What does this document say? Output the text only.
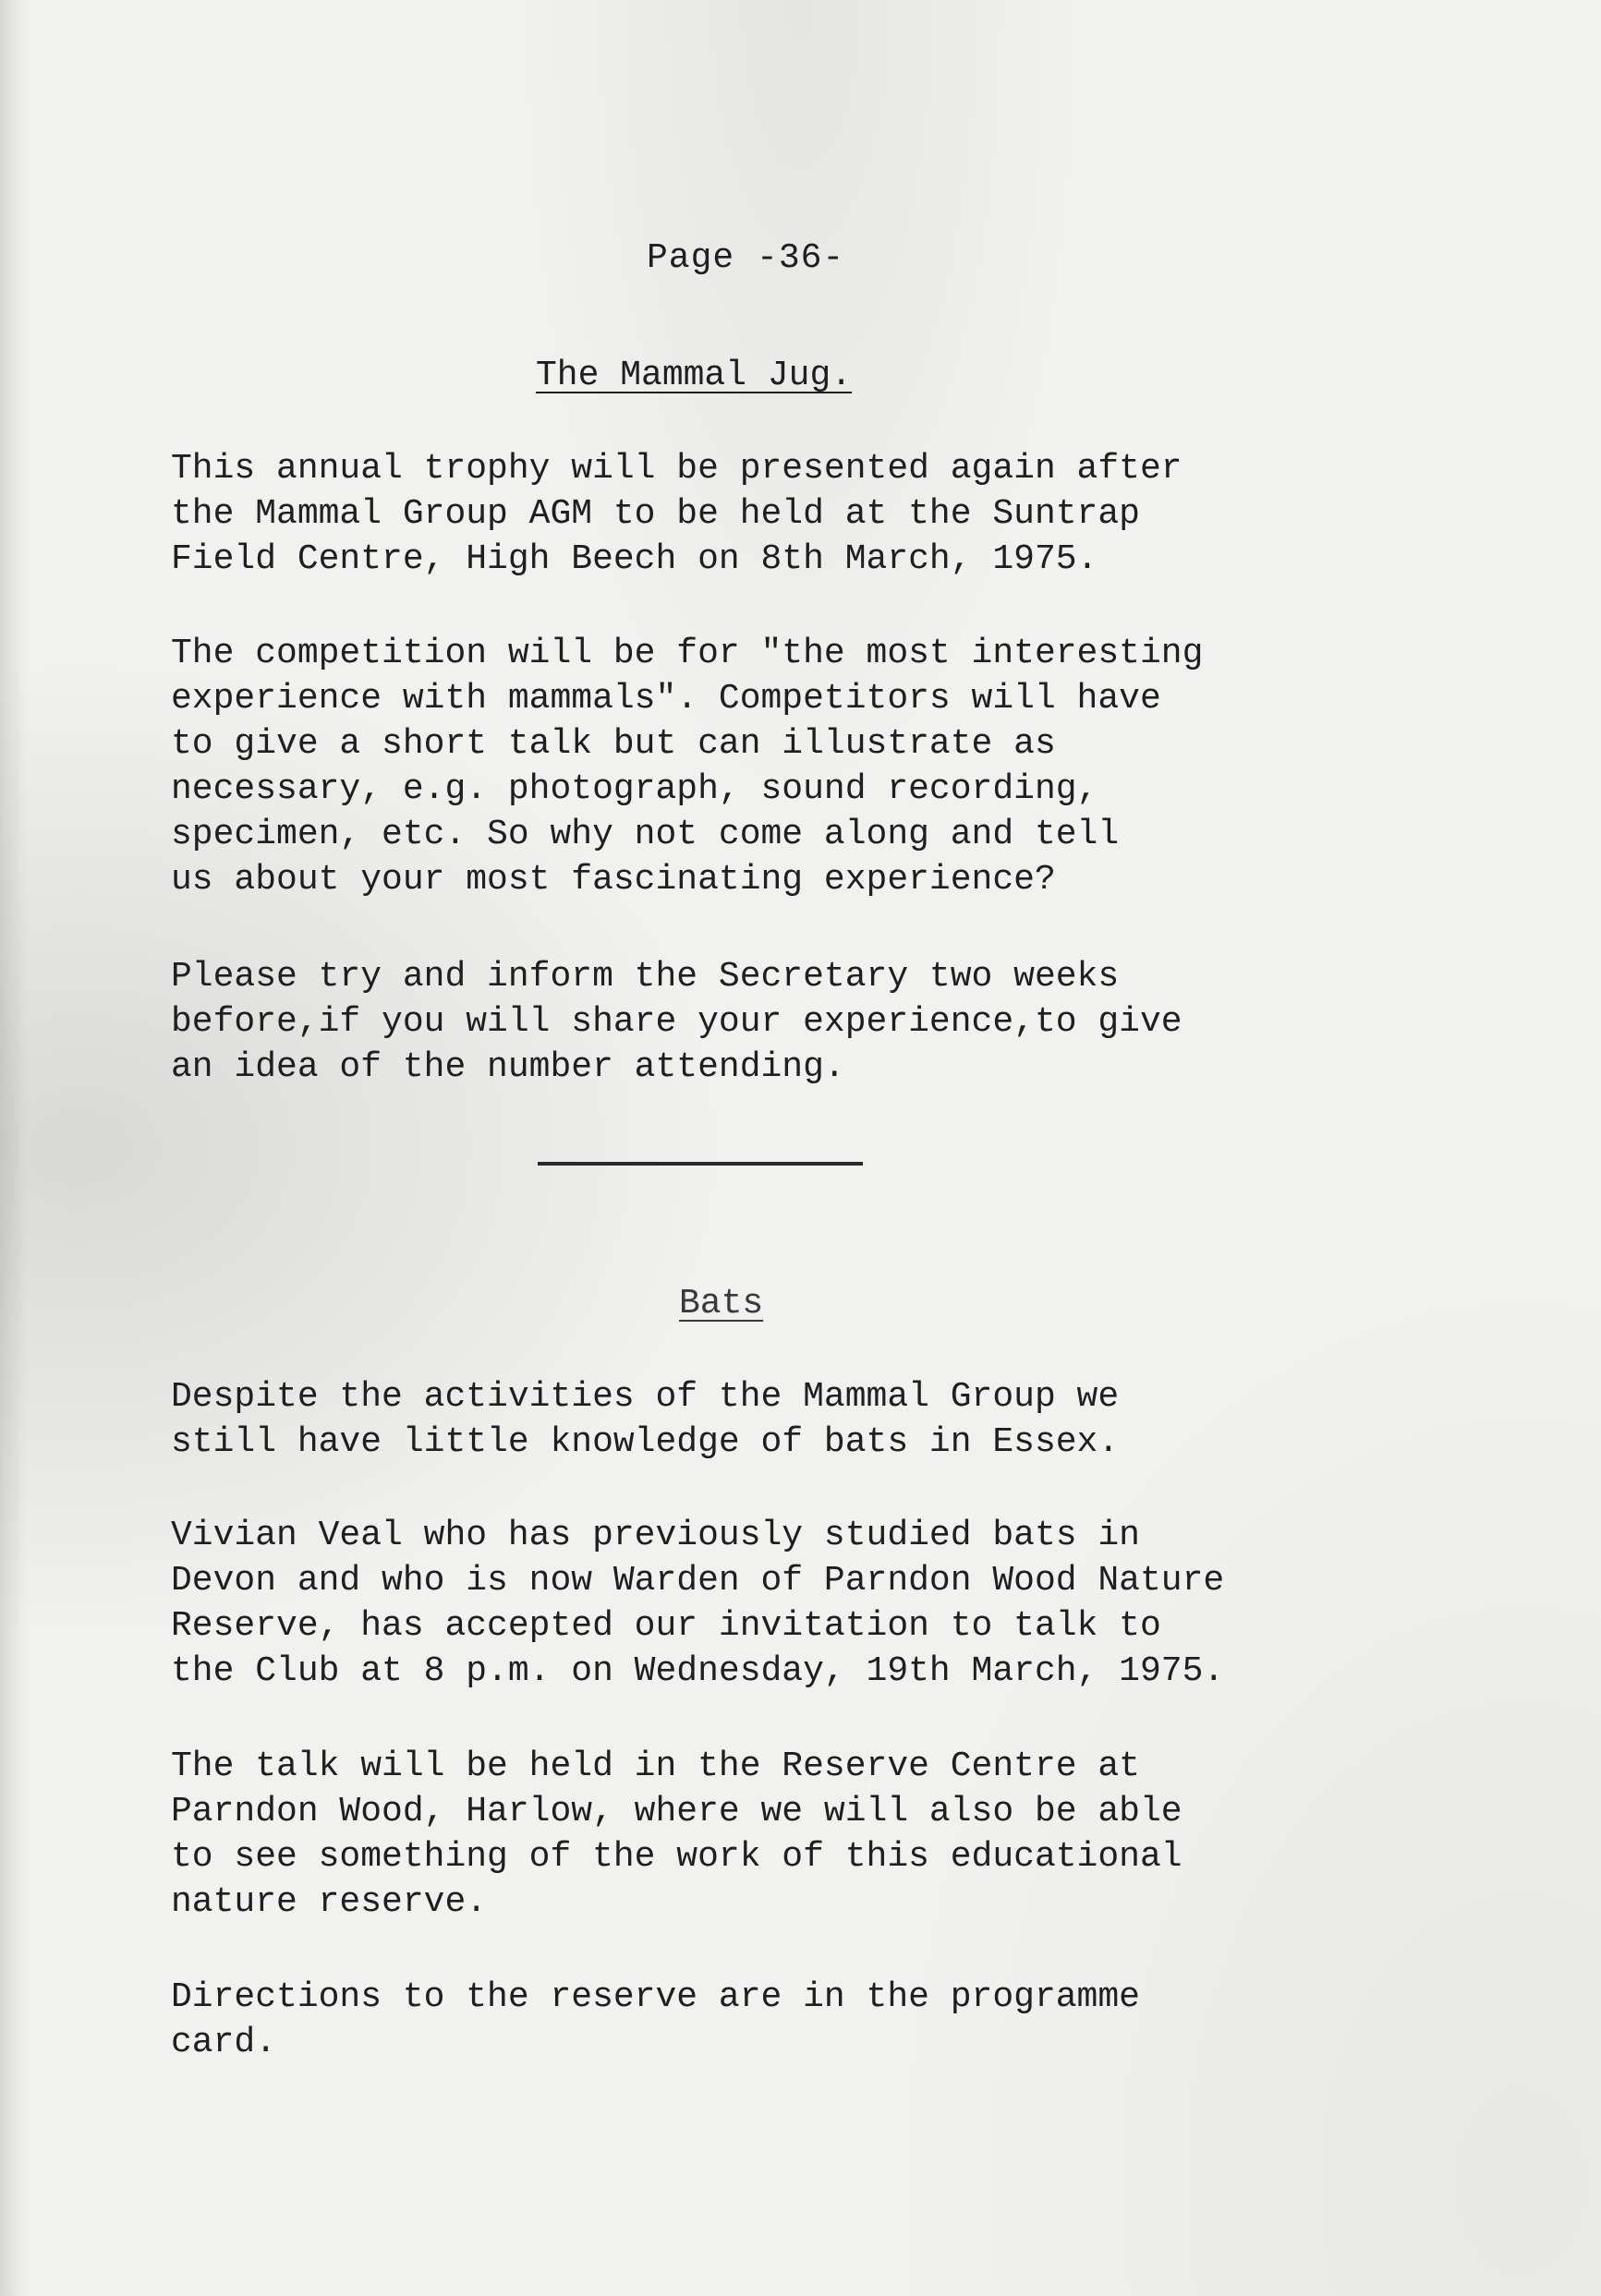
Page -36-
The Mammal Jug.

This annual trophy will be presented again after
the Mammal Group AGM to be held at the Suntrap
Field Centre, High Beech on 8th March, 1975.

The competition will be for "the most interesting
experience with mammals". Competitors will have
to give a short talk but can illustrate as
necessary, e.g. photograph, sound recording,
specimen, etc. So why not come along and tell
us about your most fascinating experience?

Please try and inform the Secretary two weeks
before,if you will share your experience,to give
an idea of the number attending.

Bats

Despite the activities of the Mammal Group we
still have little knowledge of bats in Essex.

Vivian Veal who has previously studied bats in
Devon and who is now Warden of Parndon Wood Nature
Reserve, has accepted our invitation to talk to
the Club at 8 p.m. on Wednesday, 19th March, 1975.

The talk will be held in the Reserve Centre at
Parndon Wood, Harlow, where we will also be able
to see something of the work of this educational
nature reserve.

Directions to the reserve are in the programme
card.
